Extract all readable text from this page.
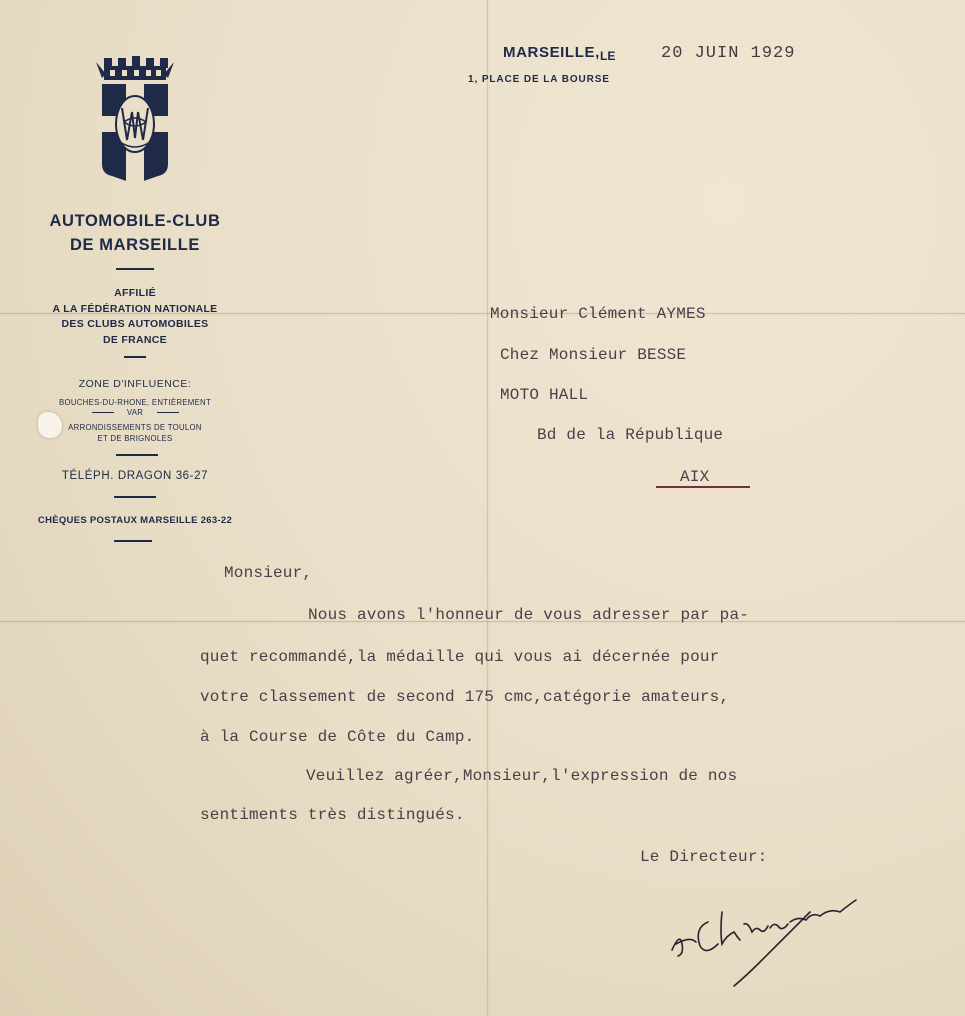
AUTOMOBILE-CLUB
DE MARSEILLE
AFFILIÉ
A LA FÉDÉRATION NATIONALE
DES CLUBS AUTOMOBILES
DE FRANCE
ZONE D'INFLUENCE:
BOUCHES-DU-RHONE, ENTIÈREMENT
VAR
ARRONDISSEMENTS DE TOULON
ET DE BRIGNOLES
TÉLÉPH. DRAGON 36-27
CHÈQUES POSTAUX MARSEILLE 263-22
MARSEILLE, LE	20 JUIN 1929
1, PLACE DE LA BOURSE
Monsieur Clément AYMES
Chez Monsieur BESSE
MOTO HALL
Bd de la République
AIX
Monsieur,
Nous avons l'honneur de vous adresser par pa-
quet recommandé,la médaille qui vous ai décernée pour
votre classement de second 175 cmc,catégorie amateurs,
à la Course de Côte du Camp.
Veuillez agréer,Monsieur,l'expression de nos
sentiments très distingués.
Le Directeur:
